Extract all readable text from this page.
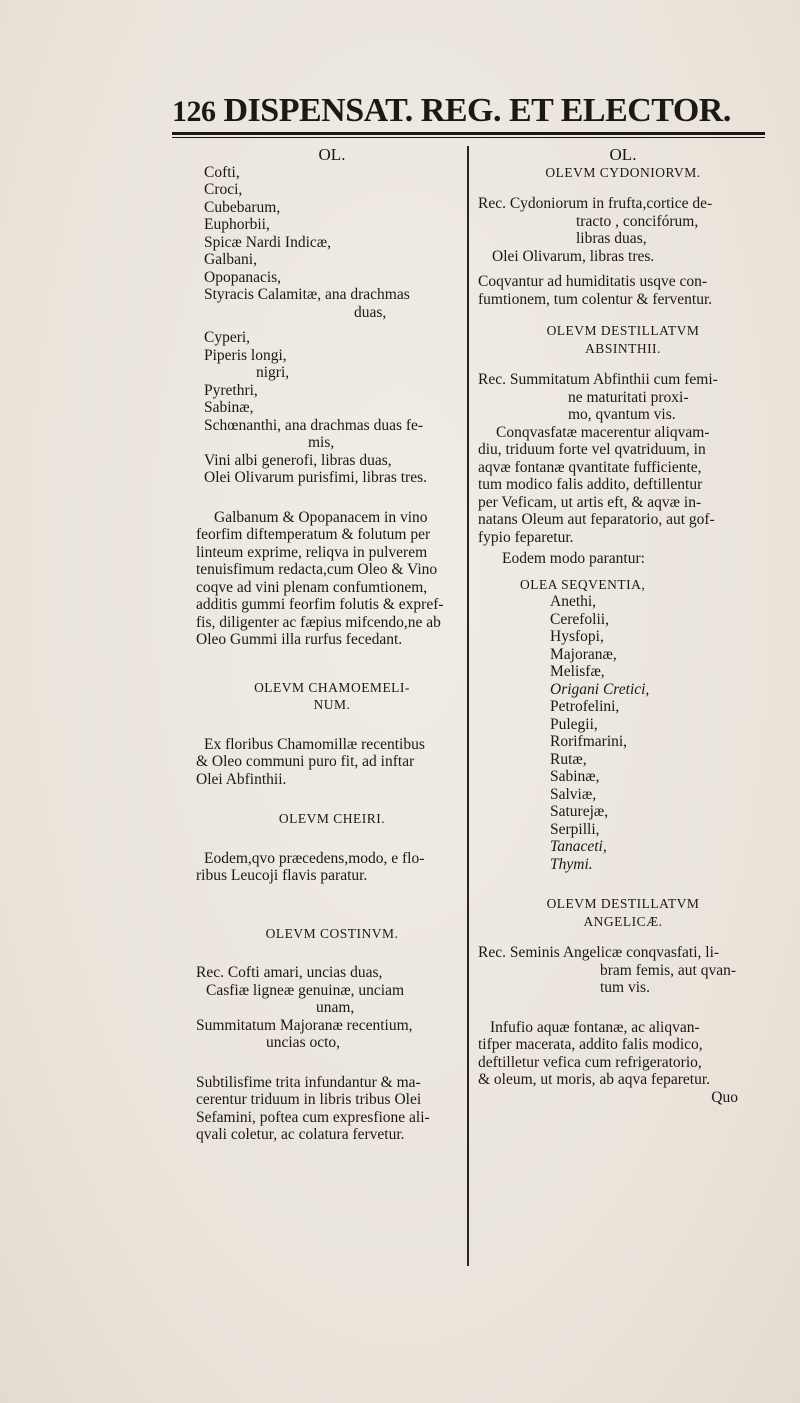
126 DISPENSAT. REG. ET ELECTOR.
OL.
Cofti,
Croci,
Cubebarum,
Euphorbii,
Spicæ Nardi Indicæ,
Galbani,
Opopanacis,
Styracis Calamitæ, ana drachmas
duas,
Cyperi,
Piperis longi,
nigri,
Pyrethri,
Sabinæ,
Schœnanthi, ana drachmas duas fe-
mis,
Vini albi generofi, libras duas,
Olei Olivarum purisfimi, libras tres.
Galbanum & Opopanacem in vino
feorfim diftemperatum & folutum per
linteum exprime, reliqva in pulverem
tenuisfimum redacta,cum Oleo & Vino
coqve ad vini plenam confumtionem,
additis gummi feorfim folutis & expref-
fis, diligenter ac fæpius mifcendo,ne ab
Oleo Gummi illa rurfus fecedant.
OLEVM CHAMOEMELI-
NUM.
Ex floribus Chamomillæ recentibus
& Oleo communi puro fit, ad inftar
Olei Abfinthii.
OLEVM CHEIRI.
Eodem,qvo præcedens,modo, e flo-
ribus Leucoji flavis paratur.
OLEVM COSTINVM.
Rec. Cofti amari, uncias duas,
Casfiæ ligneæ genuinæ, unciam
unam,
Summitatum Majoranæ recentium,
uncias octo,
Subtilisfime trita infundantur & ma-
cerentur triduum in libris tribus Olei
Sefamini, poftea cum expresfione ali-
qvali coletur, ac colatura fervetur.
OL.
OLEVM CYDONIORVM.
Rec. Cydoniorum in frufta,cortice de-
tracto , concifórum,
libras duas,
Olei Olivarum, libras tres.
Coqvantur ad humiditatis usqve con-
fumtionem, tum colentur & ferventur.
OLEVM DESTILLATVM
ABSINTHII.
Rec. Summitatum Abfinthii cum femi-
ne maturitati proxi-
mo, qvantum vis.
Conqvasfatæ macerentur aliqvam-
diu, triduum forte vel qvatriduum, in
aqvæ fontanæ qvantitate fufficiente,
tum modico falis addito, deftillentur
per Veficam, ut artis eft, & aqvæ in-
natans Oleum aut feparatorio, aut gof-
fypio feparetur.
Eodem modo parantur:
OLEA SEQVENTIA,
Anethi,
Cerefolii,
Hysfopi,
Majoranæ,
Melisfæ,
Origani Cretici,
Petrofelini,
Pulegii,
Rorifmarini,
Rutæ,
Sabinæ,
Salviæ,
Saturejæ,
Serpilli,
Tanaceti,
Thymi.
OLEVM DESTILLATVM
ANGELICÆ.
Rec. Seminis Angelicæ conqvasfati, li-
bram femis, aut qvan-
tum vis.
Infufio aquæ fontanæ, ac aliqvan-
tifper macerata, addito falis modico,
deftilletur vefica cum refrigeratorio,
& oleum, ut moris, ab aqva feparetur.
Quo
